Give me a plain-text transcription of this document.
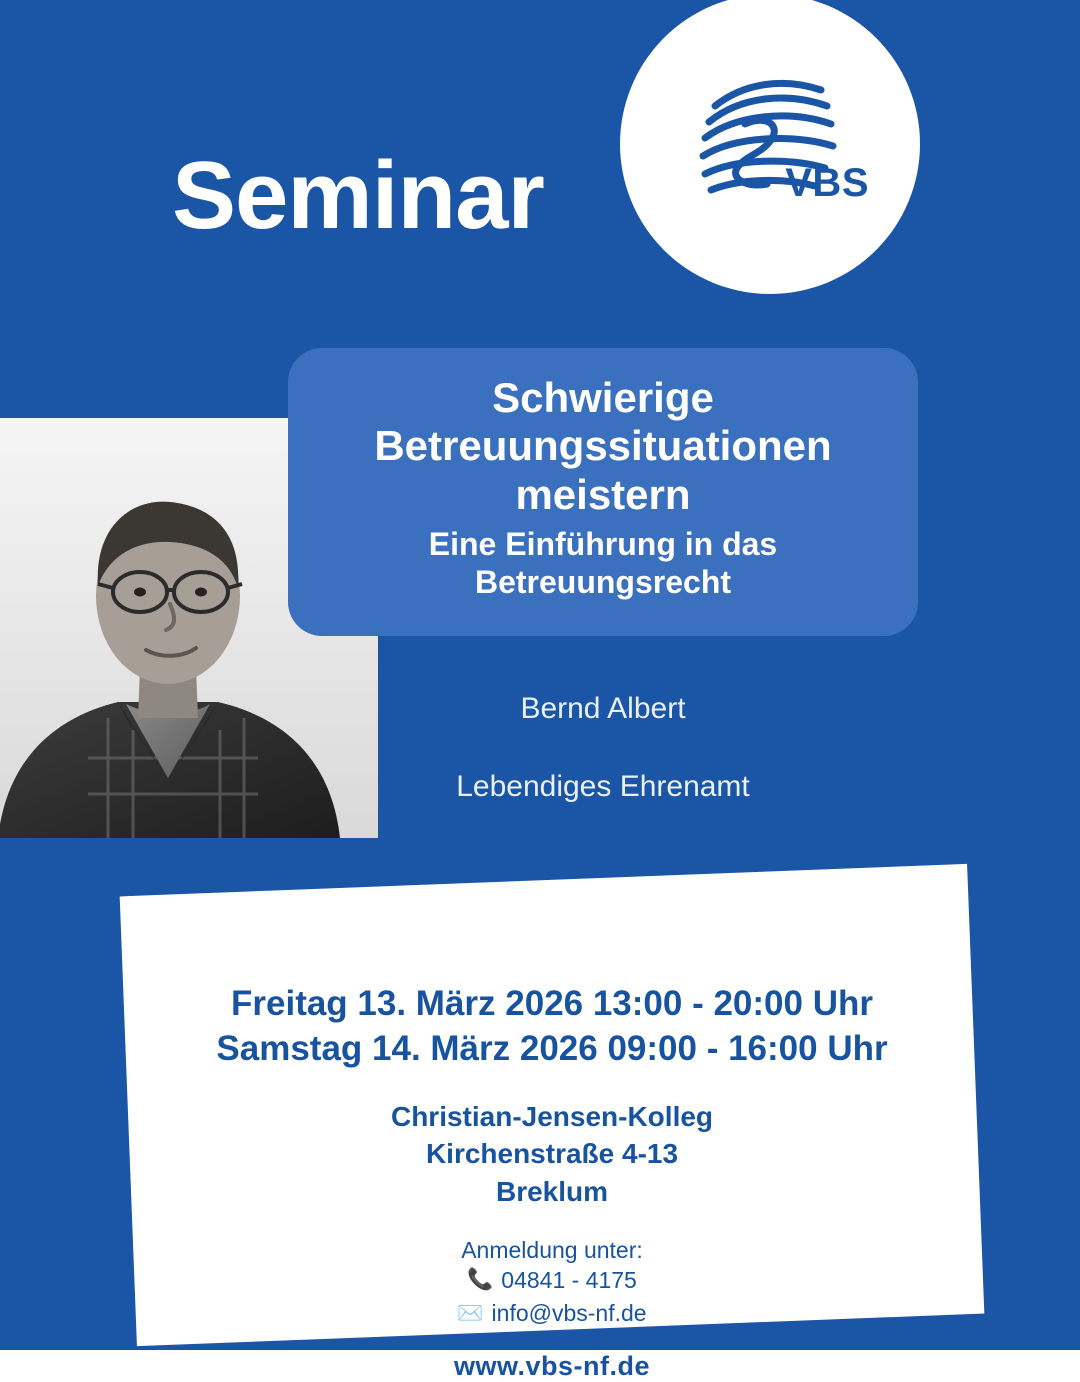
VBS
Seminar
Schwierige Betreuungssituationen meistern
Eine Einführung in das Betreuungsrecht
Bernd Albert
Lebendiges Ehrenamt
Freitag 13. März 2026 13:00 - 20:00 Uhr
Samstag 14. März 2026 09:00 - 16:00 Uhr
Christian-Jensen-Kolleg
Kirchenstraße 4-13
Breklum
Anmeldung unter:
📞 04841 - 4175
✉️ info@vbs-nf.de
www.vbs-nf.de
